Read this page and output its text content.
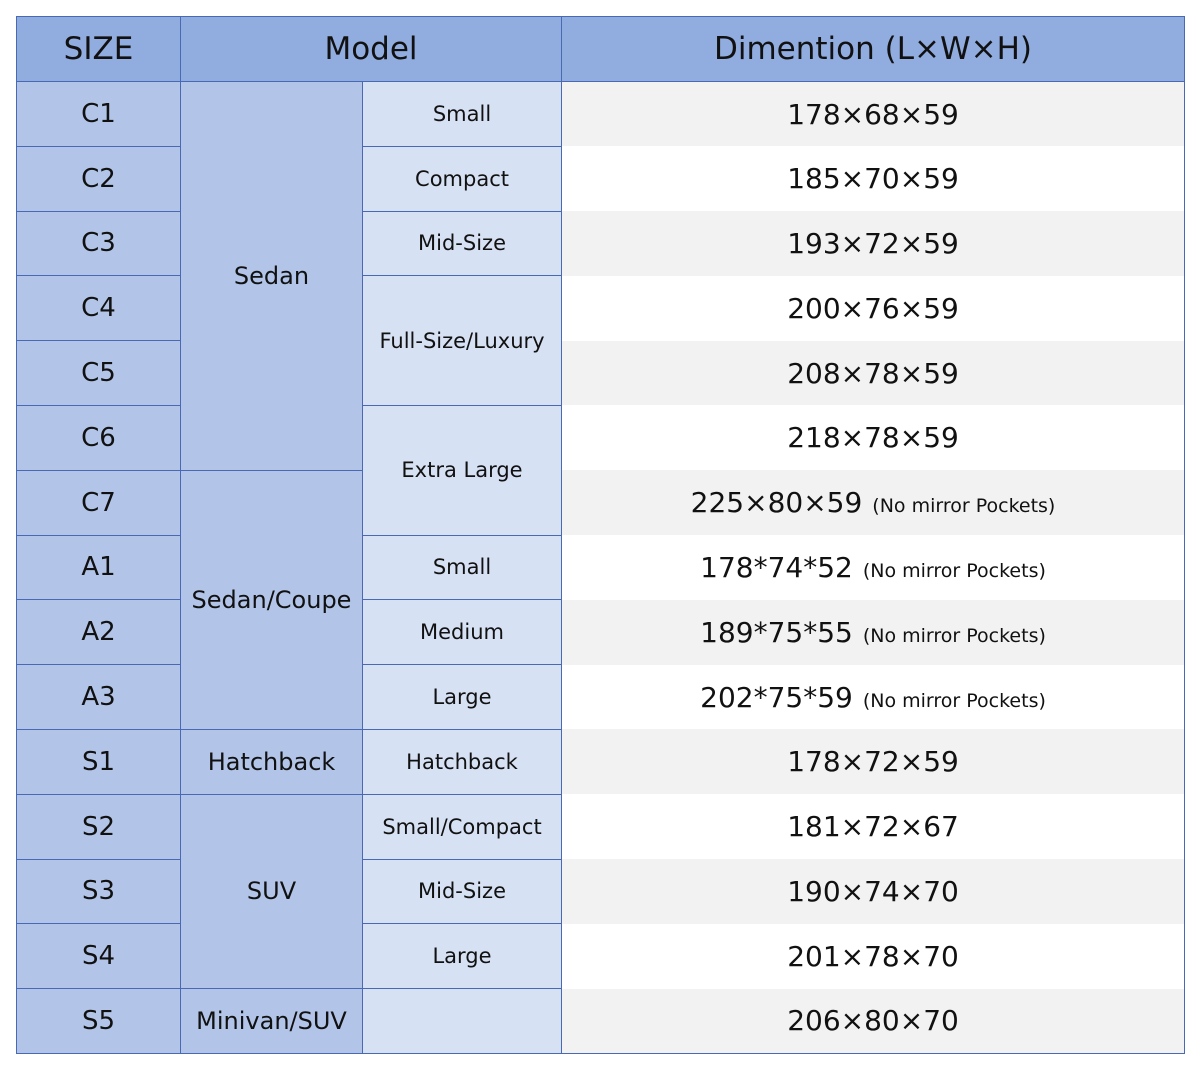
SIZE	Model		Dimention (L×W×H)
C1	Sedan	Small	178×68×59
C2		Compact	185×70×59
C3		Mid-Size	193×72×59
C4		Full-Size/Luxury	200×76×59
C5			208×78×59
C6		Extra Large	218×78×59
C7	Sedan/Coupe		225×80×59 (No mirror Pockets)
A1		Small	178*74*52 (No mirror Pockets)
A2		Medium	189*75*55 (No mirror Pockets)
A3		Large	202*75*59 (No mirror Pockets)
S1	Hatchback	Hatchback	178×72×59
S2	SUV	Small/Compact	181×72×67
S3		Mid-Size	190×74×70
S4		Large	201×78×70
S5	Minivan/SUV		206×80×70
